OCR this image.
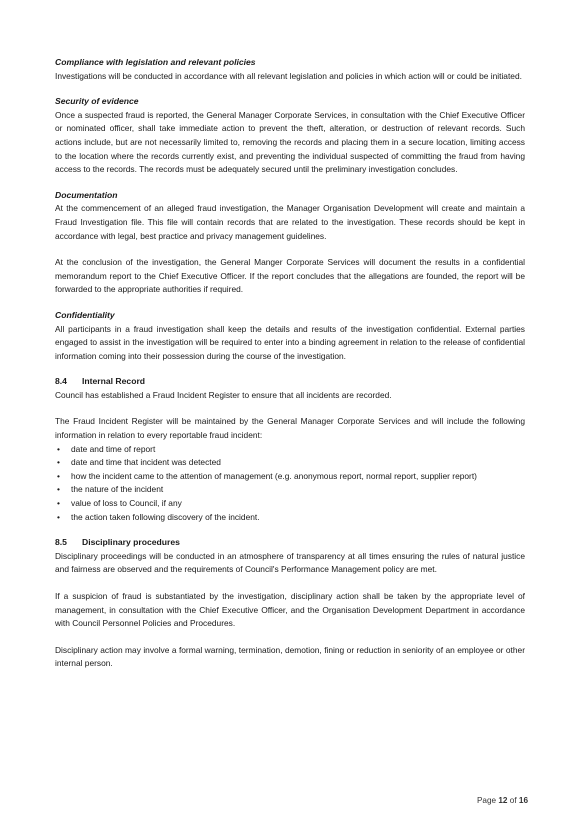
Compliance with legislation and relevant policies

Investigations will be conducted in accordance with all relevant legislation and policies in which action will or could be initiated.

Security of evidence

Once a suspected fraud is reported, the General Manager Corporate Services, in consultation with the Chief Executive Officer or nominated officer, shall take immediate action to prevent the theft, alteration, or destruction of relevant records. Such actions include, but are not necessarily limited to, removing the records and placing them in a secure location, limiting access to the location where the records currently exist, and preventing the individual suspected of committing the fraud from having access to the records. The records must be adequately secured until the preliminary investigation concludes.

Documentation

At the commencement of an alleged fraud investigation, the Manager Organisation Development will create and maintain a Fraud Investigation file. This file will contain records that are related to the investigation. These records should be kept in accordance with legal, best practice and privacy management guidelines.

At the conclusion of the investigation, the General Manger Corporate Services will document the results in a confidential memorandum report to the Chief Executive Officer. If the report concludes that the allegations are founded, the report will be forwarded to the appropriate authorities if required.

Confidentiality

All participants in a fraud investigation shall keep the details and results of the investigation confidential. External parties engaged to assist in the investigation will be required to enter into a binding agreement in relation to the release of confidential information coming into their possession during the course of the investigation.

8.4	Internal Record

Council has established a Fraud Incident Register to ensure that all incidents are recorded.

The Fraud Incident Register will be maintained by the General Manager Corporate Services and will include the following information in relation to every reportable fraud incident:

• date and time of report
• date and time that incident was detected
• how the incident came to the attention of management (e.g. anonymous report, normal report, supplier report)
• the nature of the incident
• value of loss to Council, if any
• the action taken following discovery of the incident.
8.5	Disciplinary procedures

Disciplinary proceedings will be conducted in an atmosphere of transparency at all times ensuring the rules of natural justice and fairness are observed and the requirements of Council's Performance Management policy are met.

If a suspicion of fraud is substantiated by the investigation, disciplinary action shall be taken by the appropriate level of management, in consultation with the Chief Executive Officer, and the Organisation Development Department in accordance with Council Personnel Policies and Procedures.

Disciplinary action may involve a formal warning, termination, demotion, fining or reduction in seniority of an employee or other internal person.

Page 12 of 16
